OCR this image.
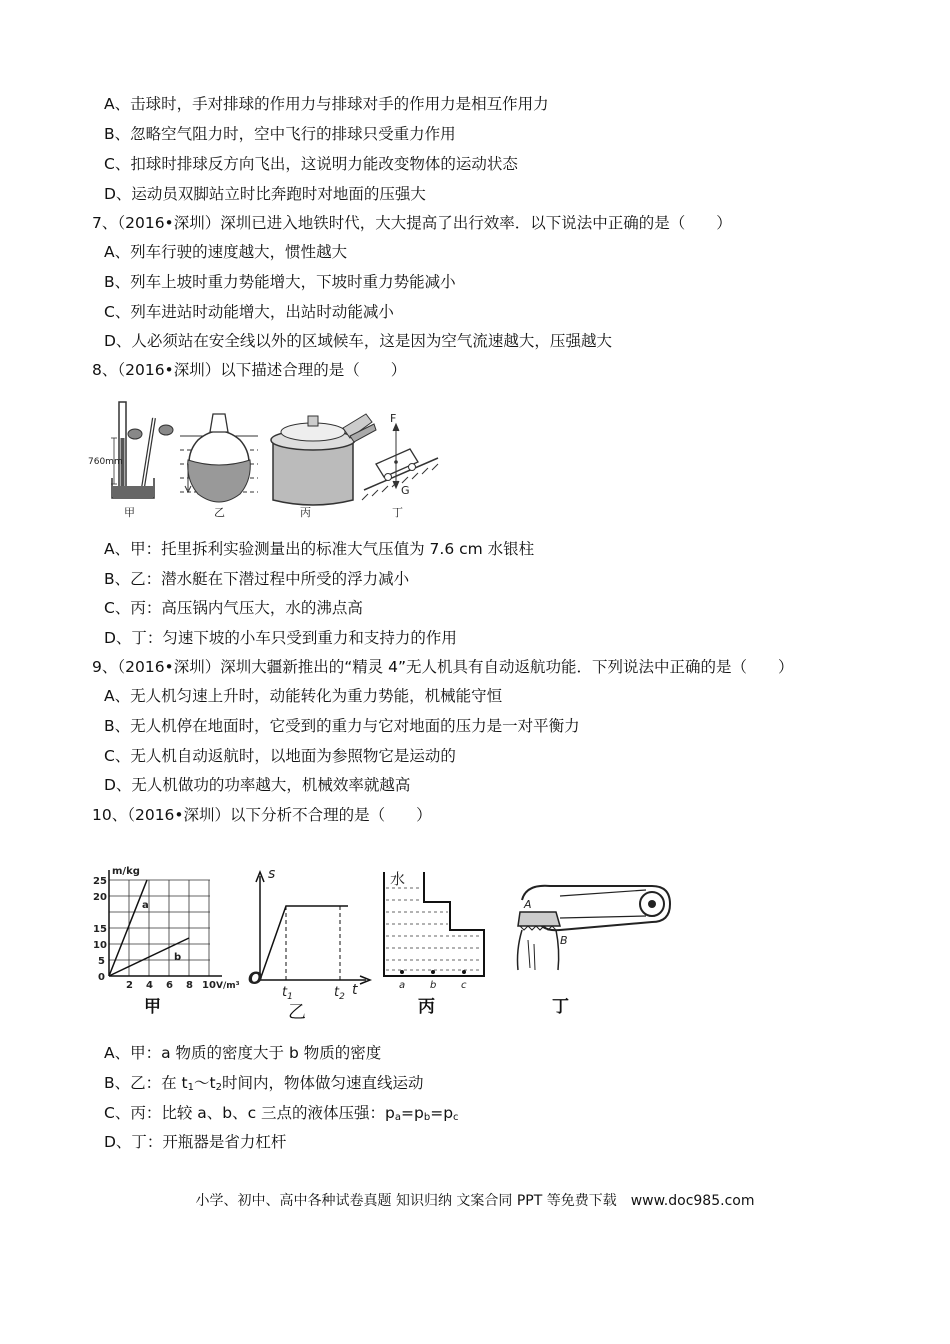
A、击球时，手对排球的作用力与排球对手的作用力是相互作用力
B、忽略空气阻力时，空中飞行的排球只受重力作用
C、扣球时排球反方向飞出，这说明力能改变物体的运动状态
D、运动员双脚站立时比奔跑时对地面的压强大
7、（2016•深圳）深圳已进入地铁时代，大大提高了出行效率．以下说法中正确的是（　　）
A、列车行驶的速度越大，惯性越大
B、列车上坡时重力势能增大，下坡时重力势能减小
C、列车进站时动能增大，出站时动能减小
D、人必须站在安全线以外的区域候车，这是因为空气流速越大，压强越大
8、（2016•深圳）以下描述合理的是（　　）
760mm
F
G
甲	乙	丙	丁
A、甲：托里拆利实验测量出的标准大气压值为 7.6 cm 水银柱
B、乙：潜水艇在下潜过程中所受的浮力减小
C、丙：高压锅内气压大，水的沸点高
D、丁：匀速下坡的小车只受到重力和支持力的作用
9、（2016•深圳）深圳大疆新推出的“精灵 4”无人机具有自动返航功能．下列说法中正确的是（　　）
A、无人机匀速上升时，动能转化为重力势能，机械能守恒
B、无人机停在地面时，它受到的重力与它对地面的压力是一对平衡力
C、无人机自动返航时，以地面为参照物它是运动的
D、无人机做功的功率越大，机械效率就越高
10、（2016•深圳）以下分析不合理的是（　　）
m/kg
25
20
15
10
5
0
2 4 6 8 10 V/m³
a
b
s
O
$t_1$	$t_2$ t
水
a b c
A
B
甲	乙	丙	丁
A、甲：a 物质的密度大于 b 物质的密度
B、乙：在 $t_1\sim t_2$时间内，物体做匀速直线运动
C、丙：比较 a、b、c 三点的液体压强：$p_a=p_b=p_c$
D、丁：开瓶器是省力杠杆
小学、初中、高中各种试卷真题 知识归纳 文案合同 PPT 等免费下载　www.doc985.com
